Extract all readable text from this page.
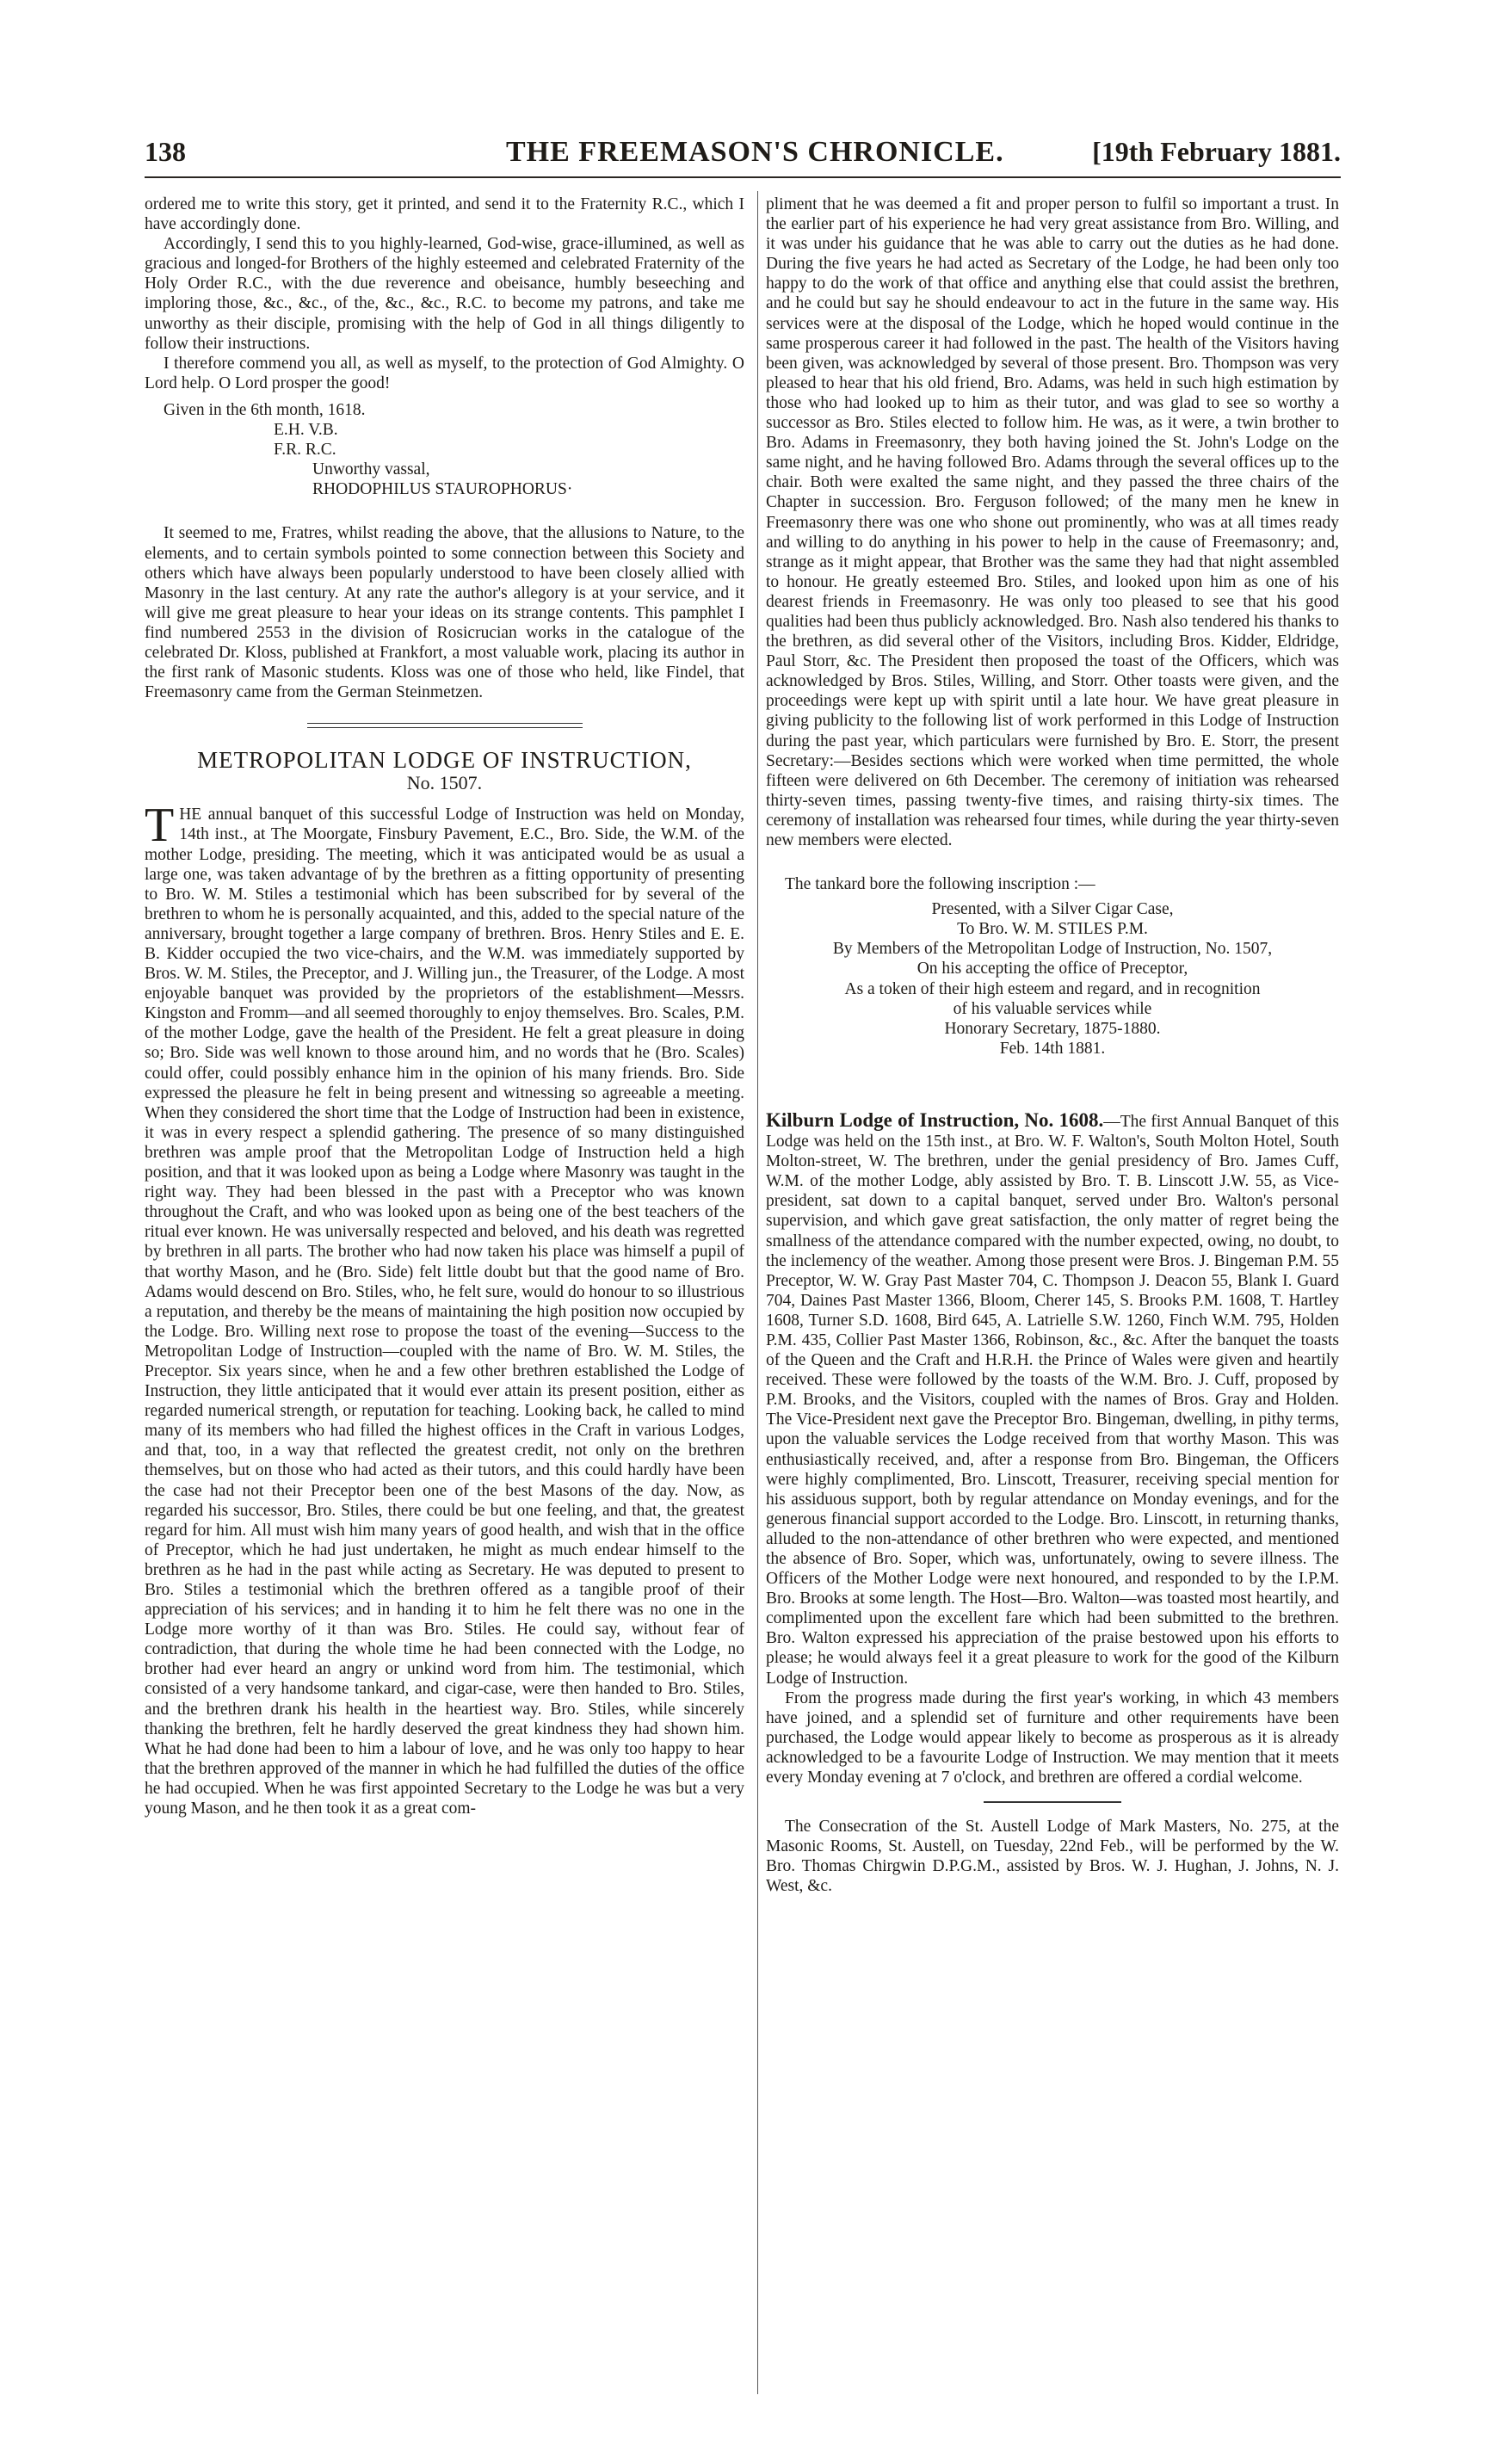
138	THE FREEMASON'S CHRONICLE.	[19th February 1881.

ordered me to write this story, get it printed, and send it to the Fraternity R.C., which I have accordingly done.

Accordingly, I send this to you highly-learned, God-wise, grace-illumined, as well as gracious and longed-for Brothers of the highly esteemed and celebrated Fraternity of the Holy Order R.C., with the due reverence and obeisance, humbly beseeching and imploring those, &c., &c., of the, &c., &c., R.C. to become my patrons, and take me unworthy as their disciple, promising with the help of God in all things diligently to follow their instructions.

I therefore commend you all, as well as myself, to the protection of God Almighty. O Lord help. O Lord prosper the good!

Given in the 6th month, 1618.

E.H. V.B.

F.R. R.C.

Unworthy vassal,

RHODOPHILUS STAUROPHORUS·

It seemed to me, Fratres, whilst reading the above, that the allusions to Nature, to the elements, and to certain symbols pointed to some connection between this Society and others which have always been popularly understood to have been closely allied with Masonry in the last century. At any rate the author's allegory is at your service, and it will give me great pleasure to hear your ideas on its strange contents. This pamphlet I find numbered 2553 in the division of Rosicrucian works in the catalogue of the celebrated Dr. Kloss, published at Frankfort, a most valuable work, placing its author in the first rank of Masonic students. Kloss was one of those who held, like Findel, that Freemasonry came from the German Steinmetzen.

METROPOLITAN LODGE OF INSTRUCTION,

No. 1507.

THE annual banquet of this successful Lodge of Instruction was held on Monday, 14th inst., at The Moorgate, Finsbury Pavement, E.C., Bro. Side, the W.M. of the mother Lodge, presiding. The meeting, which it was anticipated would be as usual a large one, was taken advantage of by the brethren as a fitting opportunity of presenting to Bro. W. M. Stiles a testimonial which has been subscribed for by several of the brethren to whom he is personally acquainted, and this, added to the special nature of the anniversary, brought together a large company of brethren. Bros. Henry Stiles and E. E. B. Kidder occupied the two vice-chairs, and the W.M. was immediately supported by Bros. W. M. Stiles, the Preceptor, and J. Willing jun., the Treasurer, of the Lodge. A most enjoyable banquet was provided by the proprietors of the establishment—Messrs. Kingston and Fromm—and all seemed thoroughly to enjoy themselves. Bro. Scales, P.M. of the mother Lodge, gave the health of the President. He felt a great pleasure in doing so; Bro. Side was well known to those around him, and no words that he (Bro. Scales) could offer, could possibly enhance him in the opinion of his many friends. Bro. Side expressed the pleasure he felt in being present and witnessing so agreeable a meeting. When they considered the short time that the Lodge of Instruction had been in existence, it was in every respect a splendid gathering. The presence of so many distinguished brethren was ample proof that the Metropolitan Lodge of Instruction held a high position, and that it was looked upon as being a Lodge where Masonry was taught in the right way. They had been blessed in the past with a Preceptor who was known throughout the Craft, and who was looked upon as being one of the best teachers of the ritual ever known. He was universally respected and beloved, and his death was regretted by brethren in all parts. The brother who had now taken his place was himself a pupil of that worthy Mason, and he (Bro. Side) felt little doubt but that the good name of Bro. Adams would descend on Bro. Stiles, who, he felt sure, would do honour to so illustrious a reputation, and thereby be the means of maintaining the high position now occupied by the Lodge. Bro. Willing next rose to propose the toast of the evening—Success to the Metropolitan Lodge of Instruction—coupled with the name of Bro. W. M. Stiles, the Preceptor. Six years since, when he and a few other brethren established the Lodge of Instruction, they little anticipated that it would ever attain its present position, either as regarded numerical strength, or reputation for teaching. Looking back, he called to mind many of its members who had filled the highest offices in the Craft in various Lodges, and that, too, in a way that reflected the greatest credit, not only on the brethren themselves, but on those who had acted as their tutors, and this could hardly have been the case had not their Preceptor been one of the best Masons of the day. Now, as regarded his successor, Bro. Stiles, there could be but one feeling, and that, the greatest regard for him. All must wish him many years of good health, and wish that in the office of Preceptor, which he had just undertaken, he might as much endear himself to the brethren as he had in the past while acting as Secretary. He was deputed to present to Bro. Stiles a testimonial which the brethren offered as a tangible proof of their appreciation of his services; and in handing it to him he felt there was no one in the Lodge more worthy of it than was Bro. Stiles. He could say, without fear of contradiction, that during the whole time he had been connected with the Lodge, no brother had ever heard an angry or unkind word from him. The testimonial, which consisted of a very handsome tankard, and cigar-case, were then handed to Bro. Stiles, and the brethren drank his health in the heartiest way. Bro. Stiles, while sincerely thanking the brethren, felt he hardly deserved the great kindness they had shown him. What he had done had been to him a labour of love, and he was only too happy to hear that the brethren approved of the manner in which he had fulfilled the duties of the office he had occupied. When he was first appointed Secretary to the Lodge he was but a very young Mason, and he then took it as a great com-

pliment that he was deemed a fit and proper person to fulfil so important a trust. In the earlier part of his experience he had very great assistance from Bro. Willing, and it was under his guidance that he was able to carry out the duties as he had done. During the five years he had acted as Secretary of the Lodge, he had been only too happy to do the work of that office and anything else that could assist the brethren, and he could but say he should endeavour to act in the future in the same way. His services were at the disposal of the Lodge, which he hoped would continue in the same prosperous career it had followed in the past. The health of the Visitors having been given, was acknowledged by several of those present. Bro. Thompson was very pleased to hear that his old friend, Bro. Adams, was held in such high estimation by those who had looked up to him as their tutor, and was glad to see so worthy a successor as Bro. Stiles elected to follow him. He was, as it were, a twin brother to Bro. Adams in Freemasonry, they both having joined the St. John's Lodge on the same night, and he having followed Bro. Adams through the several offices up to the chair. Both were exalted the same night, and they passed the three chairs of the Chapter in succession. Bro. Ferguson followed; of the many men he knew in Freemasonry there was one who shone out prominently, who was at all times ready and willing to do anything in his power to help in the cause of Freemasonry; and, strange as it might appear, that Brother was the same they had that night assembled to honour. He greatly esteemed Bro. Stiles, and looked upon him as one of his dearest friends in Freemasonry. He was only too pleased to see that his good qualities had been thus publicly acknowledged. Bro. Nash also tendered his thanks to the brethren, as did several other of the Visitors, including Bros. Kidder, Eldridge, Paul Storr, &c. The President then proposed the toast of the Officers, which was acknowledged by Bros. Stiles, Willing, and Storr. Other toasts were given, and the proceedings were kept up with spirit until a late hour. We have great pleasure in giving publicity to the following list of work performed in this Lodge of Instruction during the past year, which particulars were furnished by Bro. E. Storr, the present Secretary:—Besides sections which were worked when time permitted, the whole fifteen were delivered on 6th December. The ceremony of initiation was rehearsed thirty-seven times, passing twenty-five times, and raising thirty-six times. The ceremony of installation was rehearsed four times, while during the year thirty-seven new members were elected.

The tankard bore the following inscription :—

Presented, with a Silver Cigar Case,

To Bro. W. M. STILES P.M.

By Members of the Metropolitan Lodge of Instruction, No. 1507,

On his accepting the office of Preceptor,

As a token of their high esteem and regard, and in recognition

of his valuable services while

Honorary Secretary, 1875-1880.

Feb. 14th 1881.

Kilburn Lodge of Instruction, No. 1608.—The first Annual Banquet of this Lodge was held on the 15th inst., at Bro. W. F. Walton's, South Molton Hotel, South Molton-street, W. The brethren, under the genial presidency of Bro. James Cuff, W.M. of the mother Lodge, ably assisted by Bro. T. B. Linscott J.W. 55, as Vice-president, sat down to a capital banquet, served under Bro. Walton's personal supervision, and which gave great satisfaction, the only matter of regret being the smallness of the attendance compared with the number expected, owing, no doubt, to the inclemency of the weather. Among those present were Bros. J. Bingeman P.M. 55 Preceptor, W. W. Gray Past Master 704, C. Thompson J. Deacon 55, Blank I. Guard 704, Daines Past Master 1366, Bloom, Cherer 145, S. Brooks P.M. 1608, T. Hartley 1608, Turner S.D. 1608, Bird 645, A. Latrielle S.W. 1260, Finch W.M. 795, Holden P.M. 435, Collier Past Master 1366, Robinson, &c., &c. After the banquet the toasts of the Queen and the Craft and H.R.H. the Prince of Wales were given and heartily received. These were followed by the toasts of the W.M. Bro. J. Cuff, proposed by P.M. Brooks, and the Visitors, coupled with the names of Bros. Gray and Holden. The Vice-President next gave the Preceptor Bro. Bingeman, dwelling, in pithy terms, upon the valuable services the Lodge received from that worthy Mason. This was enthusiastically received, and, after a response from Bro. Bingeman, the Officers were highly complimented, Bro. Linscott, Treasurer, receiving special mention for his assiduous support, both by regular attendance on Monday evenings, and for the generous financial support accorded to the Lodge. Bro. Linscott, in returning thanks, alluded to the non-attendance of other brethren who were expected, and mentioned the absence of Bro. Soper, which was, unfortunately, owing to severe illness. The Officers of the Mother Lodge were next honoured, and responded to by the I.P.M. Bro. Brooks at some length. The Host—Bro. Walton—was toasted most heartily, and complimented upon the excellent fare which had been submitted to the brethren. Bro. Walton expressed his appreciation of the praise bestowed upon his efforts to please; he would always feel it a great pleasure to work for the good of the Kilburn Lodge of Instruction.

From the progress made during the first year's working, in which 43 members have joined, and a splendid set of furniture and other requirements have been purchased, the Lodge would appear likely to become as prosperous as it is already acknowledged to be a favourite Lodge of Instruction. We may mention that it meets every Monday evening at 7 o'clock, and brethren are offered a cordial welcome.

The Consecration of the St. Austell Lodge of Mark Masters, No. 275, at the Masonic Rooms, St. Austell, on Tuesday, 22nd Feb., will be performed by the W. Bro. Thomas Chirgwin D.P.G.M., assisted by Bros. W. J. Hughan, J. Johns, N. J. West, &c.
